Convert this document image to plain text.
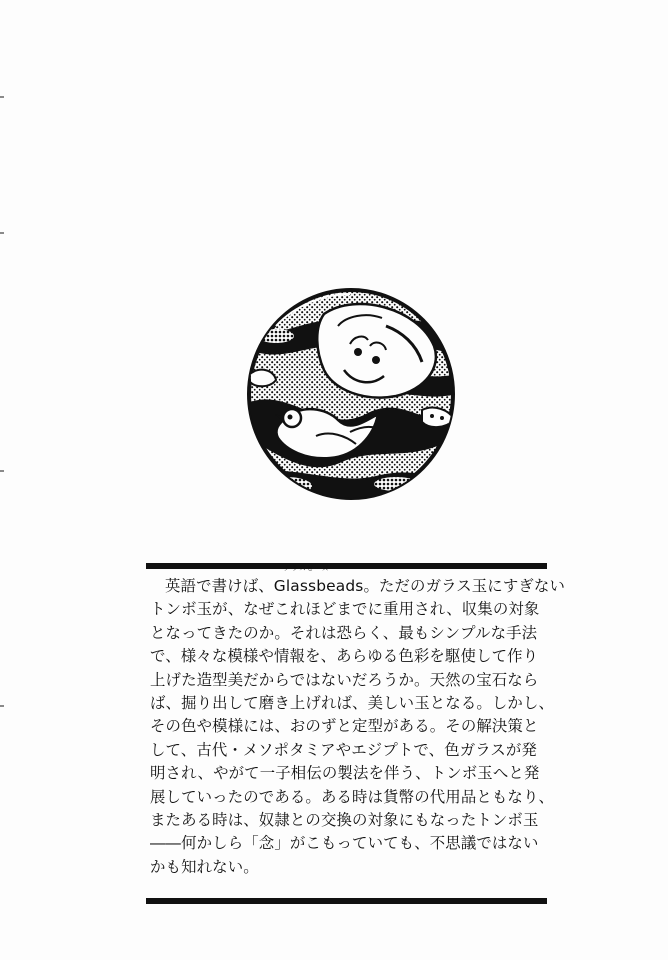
英語で書けば、
グラスビーズ
Glassbeads。ただのガラス玉にすぎない
トンボ玉が、なぜこれほどまでに重用され、収集の対象
となってきたのか。それは恐らく、最もシンプルな手法
で、様々な模様や情報を、あらゆる色彩を駆使して作り
上げた造型美だからではないだろうか。天然の宝石なら
ば、掘り出して磨き上げれば、美しい玉となる。しかし、
その色や模様には、おのずと定型がある。その解決策と
して、古代・メソポタミアやエジプトで、色ガラスが発
明され、やがて一子相伝の製法を伴う、トンボ玉へと発
展していったのである。ある時は貨幣の代用品ともなり、
またある時は、奴隷との交換の対象にもなったトンボ玉
――何かしら「念」がこもっていても、不思議ではない
かも知れない。
